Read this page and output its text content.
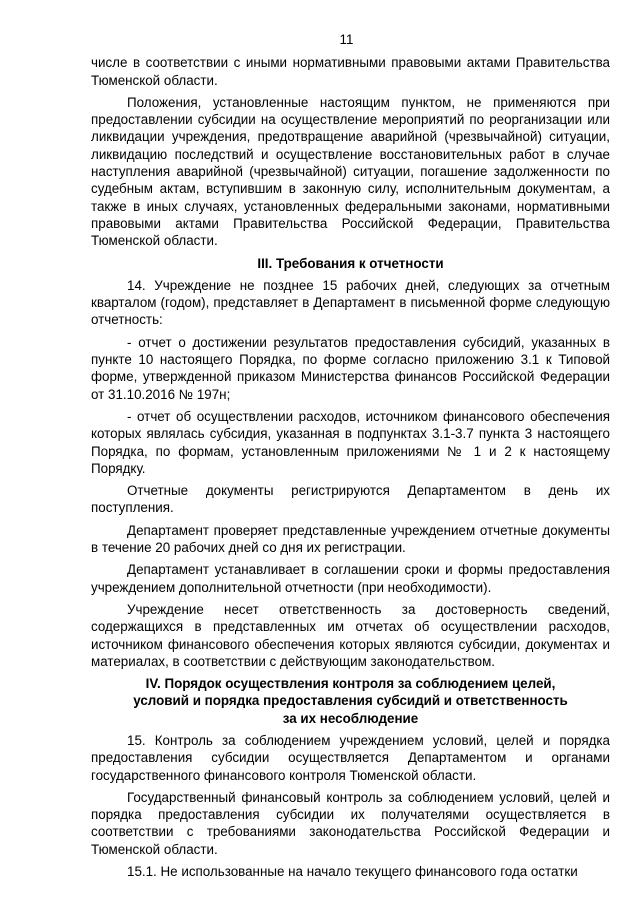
11

числе в соответствии с иными нормативными правовыми актами Правительства Тюменской области.

Положения, установленные настоящим пунктом, не применяются при предоставлении субсидии на осуществление мероприятий по реорганизации или ликвидации учреждения, предотвращение аварийной (чрезвычайной) ситуации, ликвидацию последствий и осуществление восстановительных работ в случае наступления аварийной (чрезвычайной) ситуации, погашение задолженности по судебным актам, вступившим в законную силу, исполнительным документам, а также в иных случаях, установленных федеральными законами, нормативными правовыми актами Правительства Российской Федерации, Правительства Тюменской области.

III. Требования к отчетности

14. Учреждение не позднее 15 рабочих дней, следующих за отчетным кварталом (годом), представляет в Департамент в письменной форме следующую отчетность:

- отчет о достижении результатов предоставления субсидий, указанных в пункте 10 настоящего Порядка, по форме согласно приложению 3.1 к Типовой форме, утвержденной приказом Министерства финансов Российской Федерации от 31.10.2016 № 197н;

- отчет об осуществлении расходов, источником финансового обеспечения которых являлась субсидия, указанная в подпунктах 3.1-3.7 пункта 3 настоящего Порядка, по формам, установленным приложениями № 1 и 2 к настоящему Порядку.

Отчетные документы регистрируются Департаментом в день их поступления.

Департамент проверяет представленные учреждением отчетные документы в течение 20 рабочих дней со дня их регистрации.

Департамент устанавливает в соглашении сроки и формы предоставления учреждением дополнительной отчетности (при необходимости).

Учреждение несет ответственность за достоверность сведений, содержащихся в представленных им отчетах об осуществлении расходов, источником финансового обеспечения которых являются субсидии, документах и материалах, в соответствии с действующим законодательством.

IV. Порядок осуществления контроля за соблюдением целей,
условий и порядка предоставления субсидий и ответственность
за их несоблюдение

15. Контроль за соблюдением учреждением условий, целей и порядка предоставления субсидии осуществляется Департаментом и органами государственного финансового контроля Тюменской области.

Государственный финансовый контроль за соблюдением условий, целей и порядка предоставления субсидии их получателями осуществляется в соответствии с требованиями законодательства Российской Федерации и Тюменской области.

15.1. Не использованные на начало текущего финансового года остатки
